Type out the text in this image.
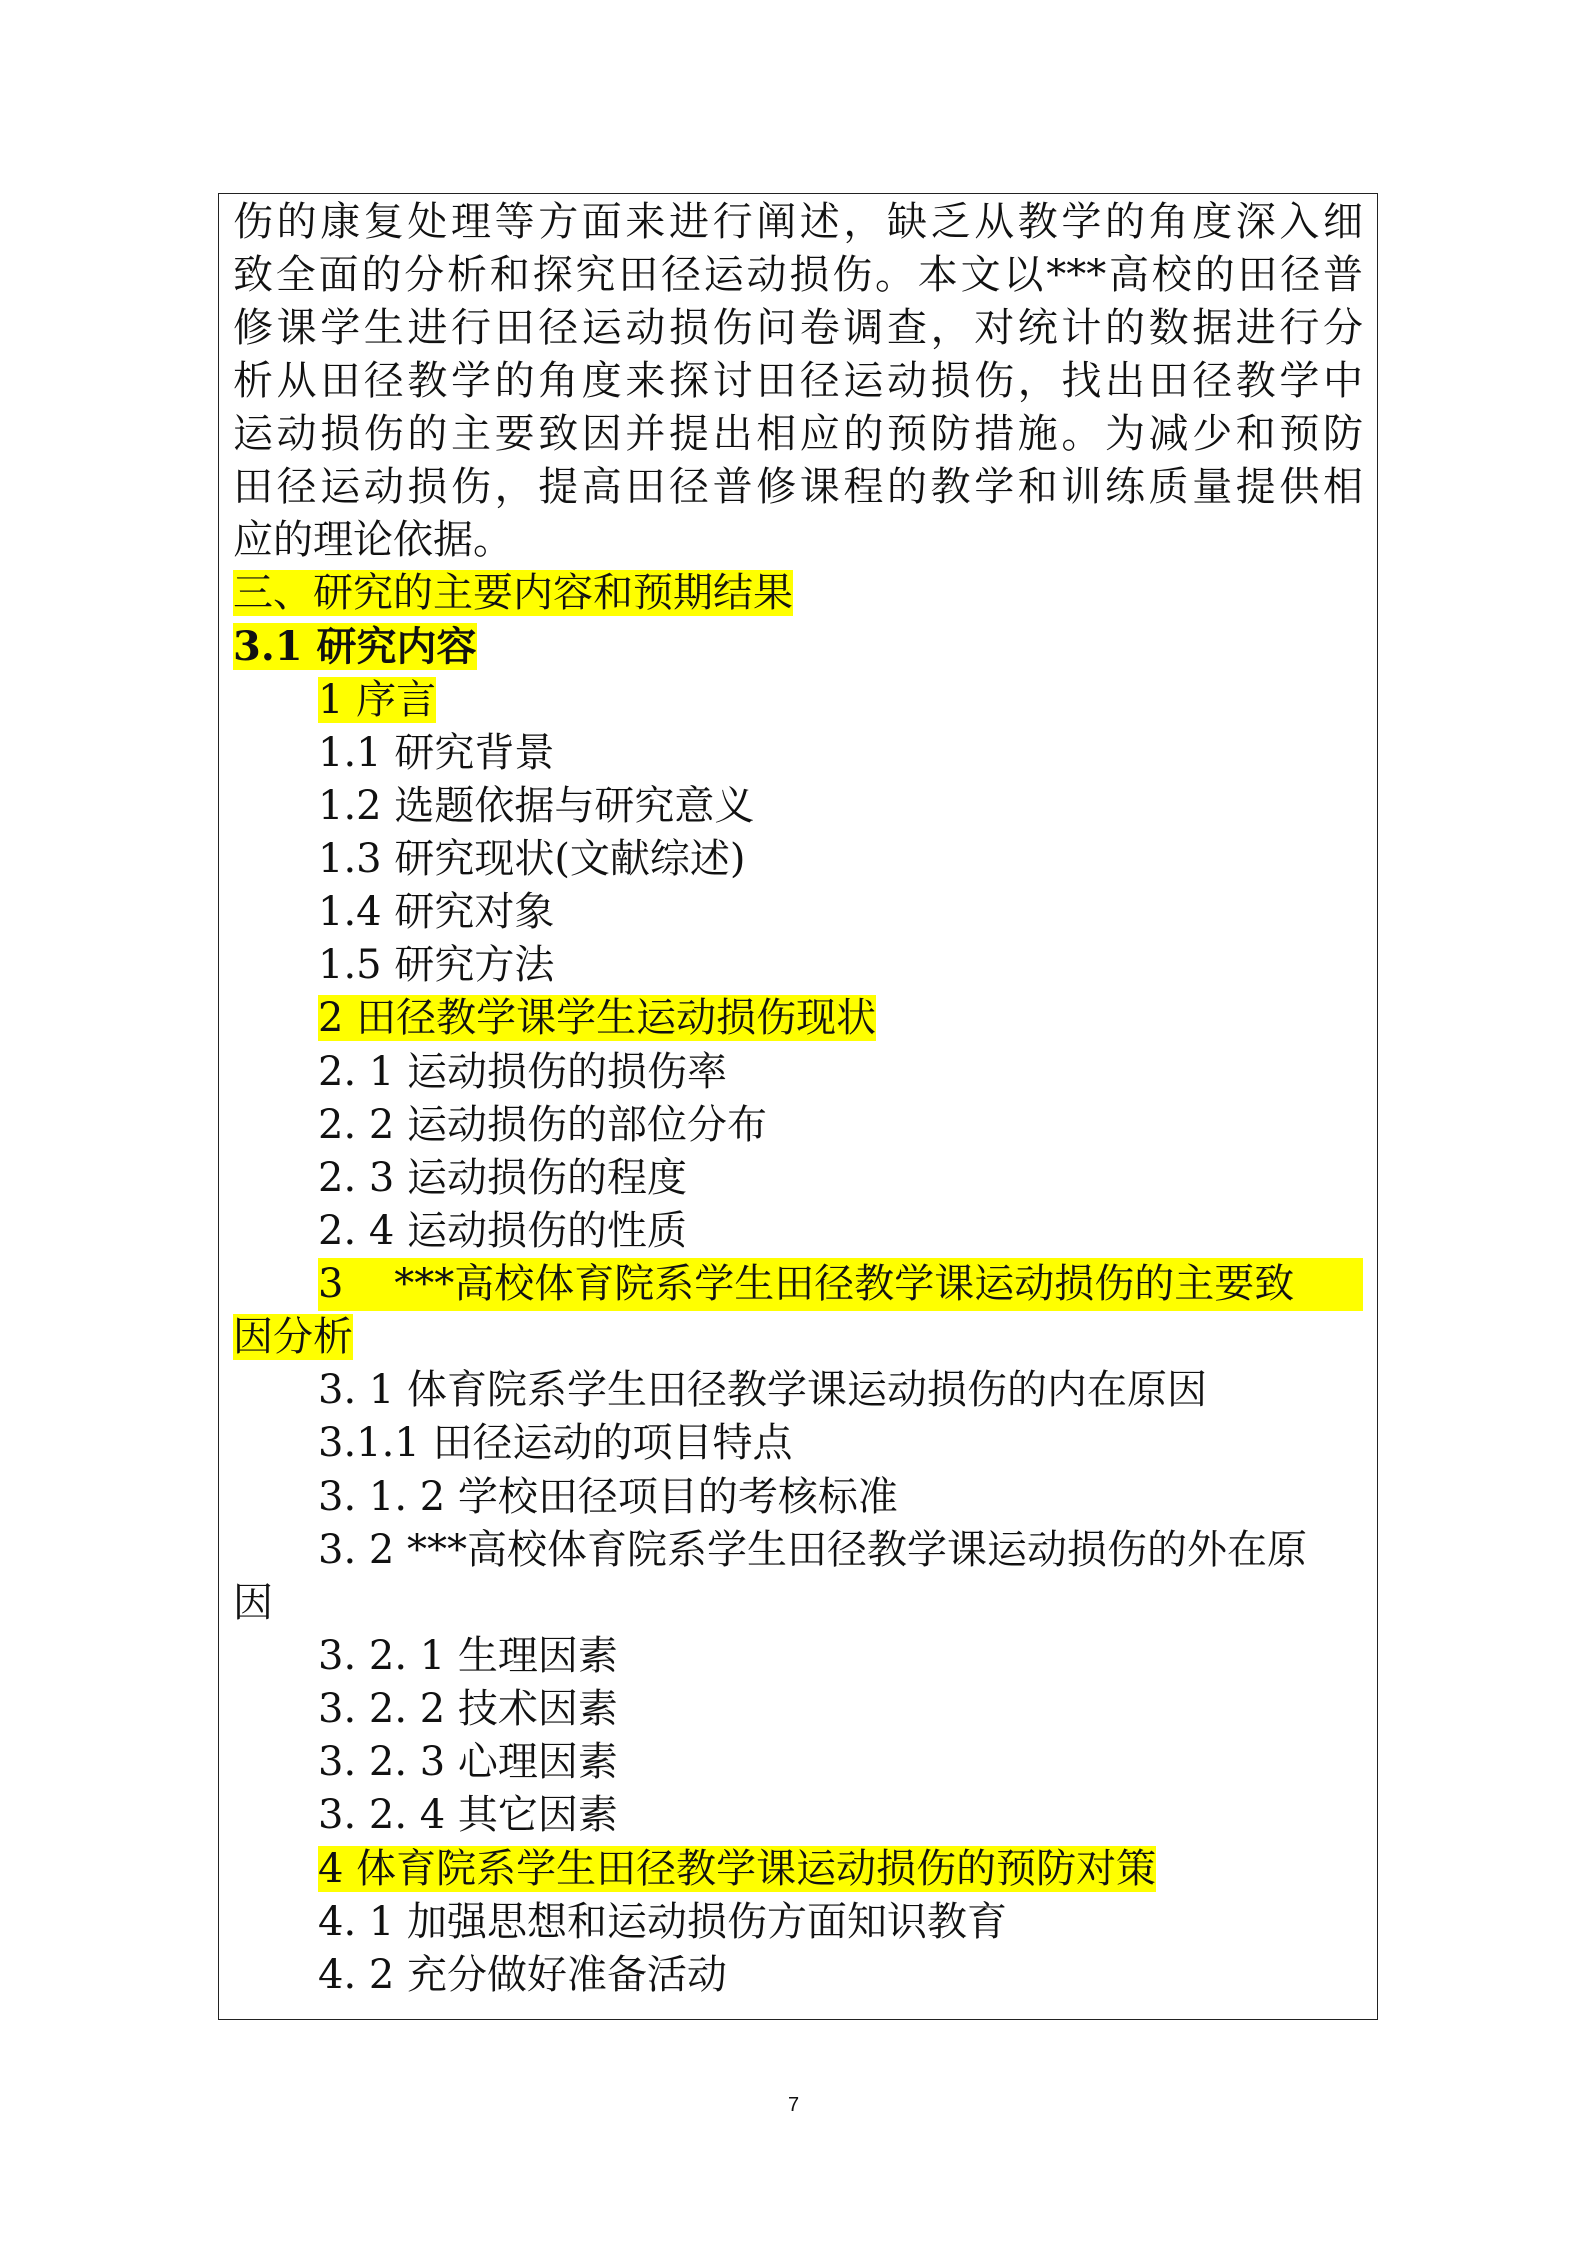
伤的康复处理等方面来进行阐述，缺乏从教学的角度深入细
致全面的分析和探究田径运动损伤。本文以***高校的田径普
修课学生进行田径运动损伤问卷调查，对统计的数据进行分
析从田径教学的角度来探讨田径运动损伤，找出田径教学中
运动损伤的主要致因并提出相应的预防措施。为减少和预防
田径运动损伤，提高田径普修课程的教学和训练质量提供相
应的理论依据。
三、研究的主要内容和预期结果
3.1 研究内容
1 序言
1.1 研究背景
1.2 选题依据与研究意义
1.3 研究现状(文献综述)
1.4 研究对象
1.5 研究方法
2 田径教学课学生运动损伤现状
2. 1 运动损伤的损伤率
2. 2 运动损伤的部位分布
2. 3 运动损伤的程度
2. 4 运动损伤的性质
3    ***高校体育院系学生田径教学课运动损伤的主要致
因分析
3. 1 体育院系学生田径教学课运动损伤的内在原因
3.1.1 田径运动的项目特点
3. 1. 2 学校田径项目的考核标准
3. 2 ***高校体育院系学生田径教学课运动损伤的外在原
因
3. 2. 1 生理因素
3. 2. 2 技术因素
3. 2. 3 心理因素
3. 2. 4 其它因素
4 体育院系学生田径教学课运动损伤的预防对策
4. 1 加强思想和运动损伤方面知识教育
4. 2 充分做好准备活动
7
